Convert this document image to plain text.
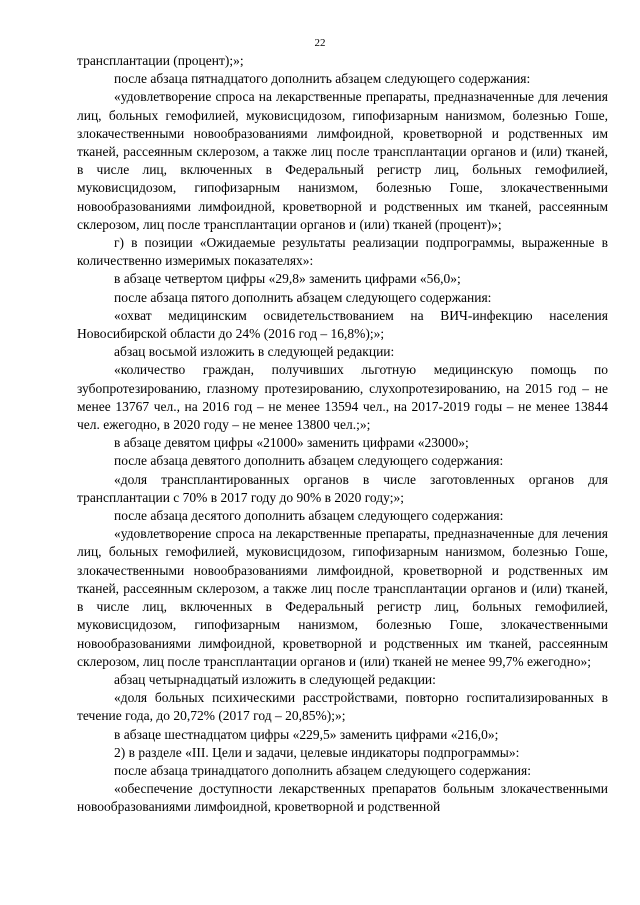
22

трансплантации (процент);»;

после абзаца пятнадцатого дополнить абзацем следующего содержания:

«удовлетворение спроса на лекарственные препараты, предназначенные для лечения лиц, больных гемофилией, муковисцидозом, гипофизарным нанизмом, болезнью Гоше, злокачественными новообразованиями лимфоидной, кроветворной и родственных им тканей, рассеянным склерозом, а также лиц после трансплантации органов и (или) тканей, в числе лиц, включенных в Федеральный регистр лиц, больных гемофилией, муковисцидозом, гипофизарным нанизмом, болезнью Гоше, злокачественными новообразованиями лимфоидной, кроветворной и родственных им тканей, рассеянным склерозом, лиц после трансплантации органов и (или) тканей (процент)»;

г) в позиции «Ожидаемые результаты реализации подпрограммы, выраженные в количественно измеримых показателях»:

в абзаце четвертом цифры «29,8» заменить цифрами «56,0»;

после абзаца пятого дополнить абзацем следующего содержания:

«охват медицинским освидетельствованием на ВИЧ-инфекцию населения Новосибирской области до 24% (2016 год – 16,8%);»;

абзац восьмой изложить в следующей редакции:

«количество граждан, получивших льготную медицинскую помощь по зубопротезированию, глазному протезированию, слухопротезированию, на 2015 год – не менее 13767 чел., на 2016 год – не менее 13594 чел., на 2017-2019 годы – не менее 13844 чел. ежегодно, в 2020 году – не менее 13800 чел.;»;

в абзаце девятом цифры «21000» заменить цифрами «23000»;

после абзаца девятого дополнить абзацем следующего содержания:

«доля трансплантированных органов в числе заготовленных органов для трансплантации с 70% в 2017 году до 90% в 2020 году;»;

после абзаца десятого дополнить абзацем следующего содержания:

«удовлетворение спроса на лекарственные препараты, предназначенные для лечения лиц, больных гемофилией, муковисцидозом, гипофизарным нанизмом, болезнью Гоше, злокачественными новообразованиями лимфоидной, кроветворной и родственных им тканей, рассеянным склерозом, а также лиц после трансплантации органов и (или) тканей, в числе лиц, включенных в Федеральный регистр лиц, больных гемофилией, муковисцидозом, гипофизарным нанизмом, болезнью Гоше, злокачественными новообразованиями лимфоидной, кроветворной и родственных им тканей, рассеянным склерозом, лиц после трансплантации органов и (или) тканей не менее 99,7% ежегодно»;

абзац четырнадцатый изложить в следующей редакции:

«доля больных психическими расстройствами, повторно госпитализированных в течение года, до 20,72% (2017 год – 20,85%);»;

в абзаце шестнадцатом цифры «229,5» заменить цифрами «216,0»;

2) в разделе «III. Цели и задачи, целевые индикаторы подпрограммы»:

после абзаца тринадцатого дополнить абзацем следующего содержания:

«обеспечение доступности лекарственных препаратов больным злокачественными новообразованиями лимфоидной, кроветворной и родственной
